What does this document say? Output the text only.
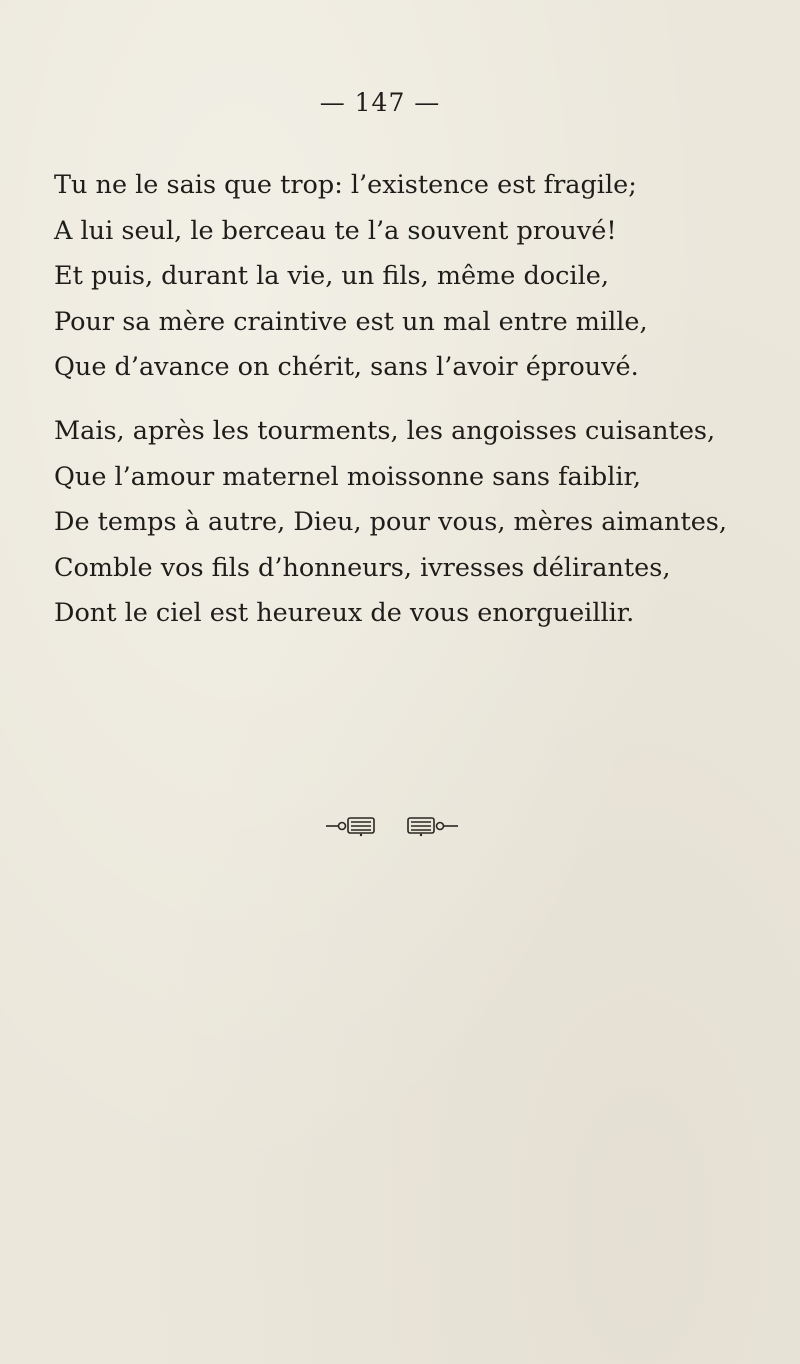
— 147 —
Tu ne le sais que trop: l’existence est fragile;
A lui seul, le berceau te l’a souvent prouvé!
Et puis, durant la vie, un fils, même docile,
Pour sa mère craintive est un mal entre mille,
Que d’avance on chérit, sans l’avoir éprouvé.
Mais, après les tourments, les angoisses cuisantes,
Que l’amour maternel moissonne sans faiblir,
De temps à autre, Dieu, pour vous, mères aimantes,
Comble vos fils d’honneurs, ivresses délirantes,
Dont le ciel est heureux de vous enorgueillir.
